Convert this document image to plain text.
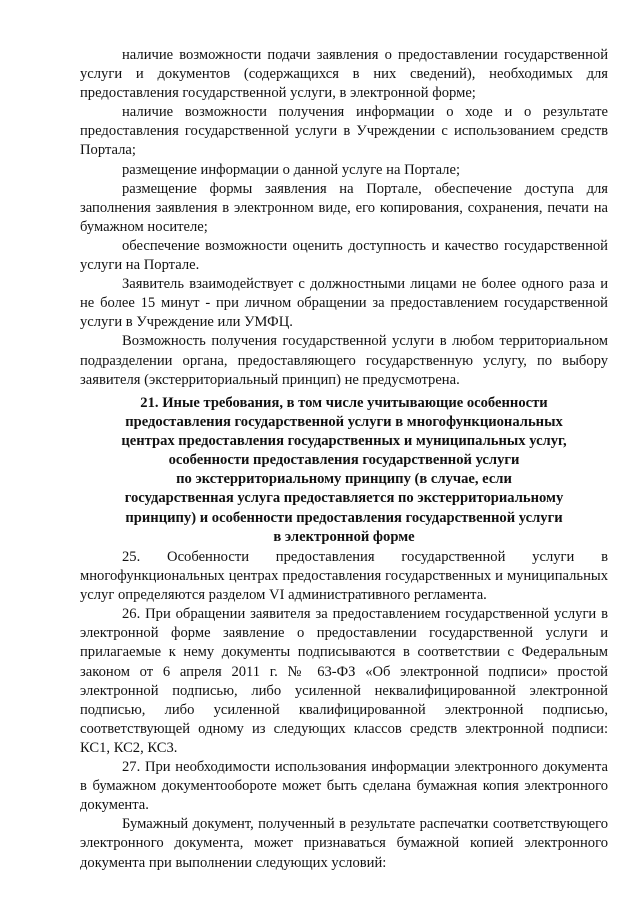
наличие возможности подачи заявления о предоставлении государственной услуги и документов (содержащихся в них сведений), необходимых для предоставления государственной услуги, в электронной форме;

наличие возможности получения информации о ходе и о результате предоставления государственной услуги в Учреждении с использованием средств Портала;

размещение информации о данной услуге на Портале;

размещение формы заявления на Портале, обеспечение доступа для заполнения заявления в электронном виде, его копирования, сохранения, печати на бумажном носителе;

обеспечение возможности оценить доступность и качество государственной услуги на Портале.

Заявитель взаимодействует с должностными лицами не более одного раза и не более 15 минут - при личном обращении за предоставлением государственной услуги в Учреждение или УМФЦ.

Возможность получения государственной услуги в любом территориальном подразделении органа, предоставляющего государственную услугу, по выбору заявителя (экстерриториальный принцип) не предусмотрена.

21. Иные требования, в том числе учитывающие особенности
предоставления государственной услуги в многофункциональных
центрах предоставления государственных и муниципальных услуг,
особенности предоставления государственной услуги
по экстерриториальному принципу (в случае, если
государственная услуга предоставляется по экстерриториальному
принципу) и особенности предоставления государственной услуги
в электронной форме

25. Особенности предоставления государственной услуги в многофункциональных центрах предоставления государственных и муниципальных услуг определяются разделом VI административного регламента.

26. При обращении заявителя за предоставлением государственной услуги в электронной форме заявление о предоставлении государственной услуги и прилагаемые к нему документы подписываются в соответствии с Федеральным законом от 6 апреля 2011 г. № 63-ФЗ «Об электронной подписи» простой электронной подписью, либо усиленной неквалифицированной электронной подписью, либо усиленной квалифицированной электронной подписью, соответствующей одному из следующих классов средств электронной подписи: КС1, КС2, КС3.

27. При необходимости использования информации электронного документа в бумажном документообороте может быть сделана бумажная копия электронного документа.

Бумажный документ, полученный в результате распечатки соответствующего электронного документа, может признаваться бумажной копией электронного документа при выполнении следующих условий:
